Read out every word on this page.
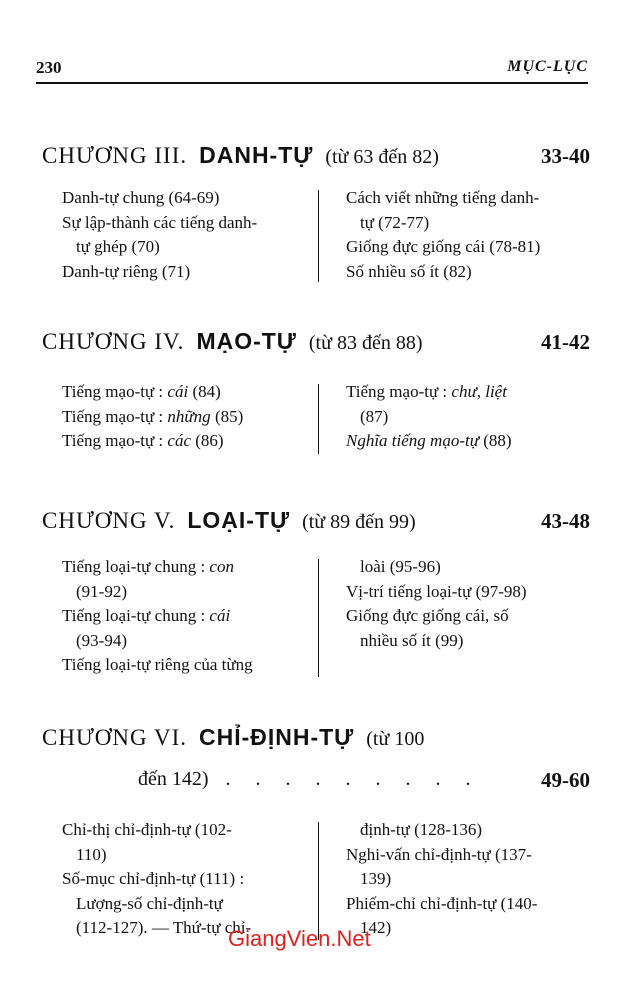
230	MỤC-LỤC
CHƯƠNG III. DANH-TỰ (từ 63 đến 82)	33-40
Danh-tự chung (64-69)
Sự lập-thành các tiếng danh-
tự ghép (70)
Danh-tự riêng (71)
Cách viết những tiếng danh-
tự (72-77)
Giống đực giống cái (78-81)
Số nhiều số ít (82)
CHƯƠNG IV. MẠO-TỰ (từ 83 đến 88)	41-42
Tiếng mạo-tự : cái (84)
Tiếng mạo-tự : những (85)
Tiếng mạo-tự : các (86)
Tiếng mạo-tự : chư, liệt
(87)
Nghĩa tiếng mạo-tự (88)
CHƯƠNG V. LOẠI-TỰ (từ 89 đến 99)	43-48
Tiếng loại-tự chung : con
(91-92)
Tiếng loại-tự chung : cái
(93-94)
Tiếng loại-tự riêng của từng
loài (95-96)
Vị-trí tiếng loại-tự (97-98)
Giống đực giống cái, số
nhiều số ít (99)
CHƯƠNG VI. CHỈ-ĐỊNH-TỰ (từ 100
đến 142) . . . . . . . . .	49-60
Chỉ-thị chỉ-định-tự (102-
110)
Số-mục chỉ-định-tự (111) :
Lượng-số chỉ-định-tự
(112-127). — Thứ-tự chỉ-
định-tự (128-136)
Nghi-vấn chỉ-định-tự (137-
139)
Phiếm-chỉ chỉ-định-tự (140-
142)
GiangVien.Net
